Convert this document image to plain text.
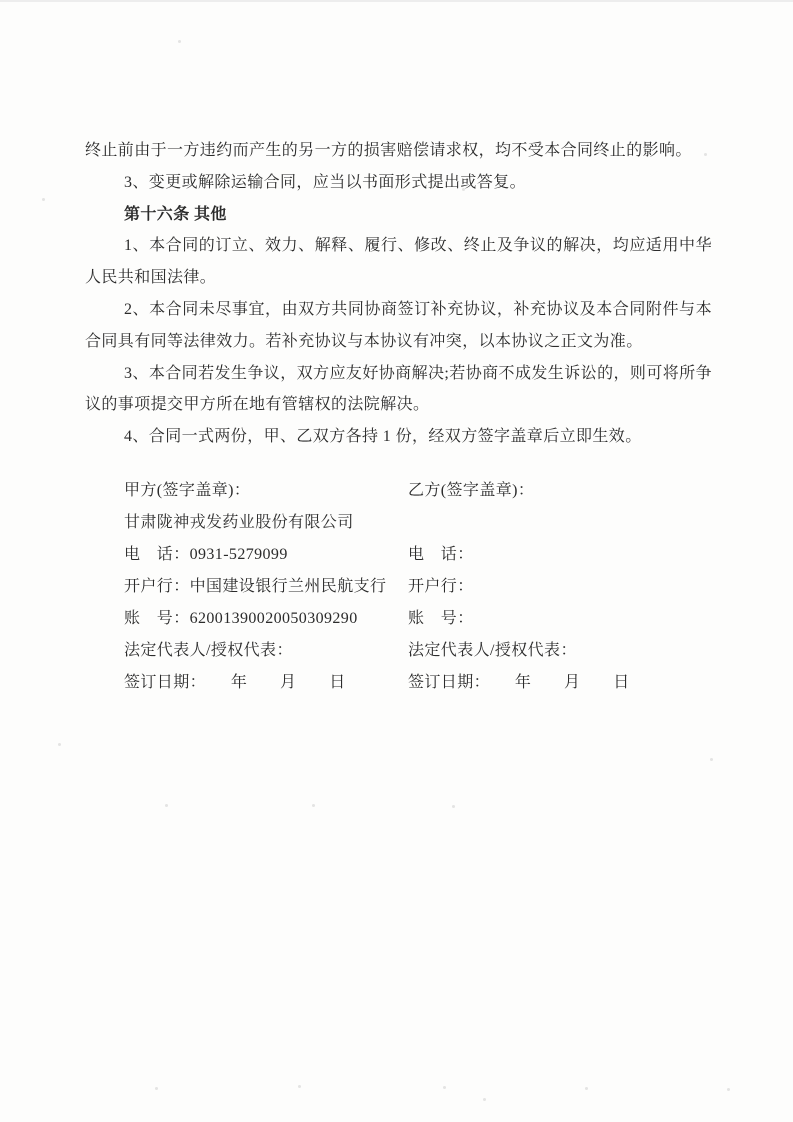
终止前由于一方违约而产生的另一方的损害赔偿请求权，均不受本合同终止的影响。

3、变更或解除运输合同，应当以书面形式提出或答复。

第十六条 其他

1、本合同的订立、效力、解释、履行、修改、终止及争议的解决，均应适用中华人民共和国法律。

2、本合同未尽事宜，由双方共同协商签订补充协议，补充协议及本合同附件与本合同具有同等法律效力。若补充协议与本协议有冲突，以本协议之正文为准。

3、本合同若发生争议，双方应友好协商解决;若协商不成发生诉讼的，则可将所争议的事项提交甲方所在地有管辖权的法院解决。

4、合同一式两份，甲、乙双方各持 1 份，经双方签字盖章后立即生效。

甲方(签字盖章)：

甘肃陇神戎发药业股份有限公司

电　话：0931-5279099

开户行：中国建设银行兰州民航支行

账　号：62001390020050309290

法定代表人/授权代表：

签订日期：　　年　　月　　日

乙方(签字盖章)：

电　话：

开户行：

账　号：

法定代表人/授权代表：

签订日期：　　年　　月　　日
